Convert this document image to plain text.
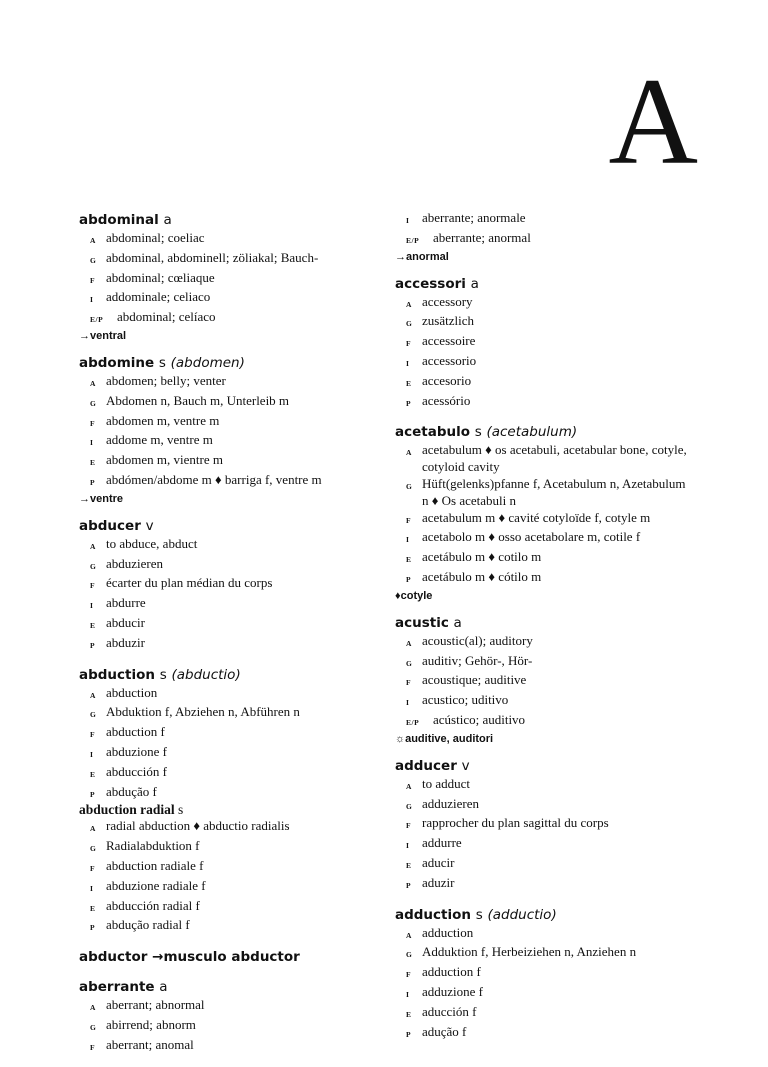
A
abdominal a
A abdominal; coeliac
G abdominal, abdominell; zöliakal; Bauch-
F abdominal; cœliaque
I addominale; celiaco
E/P	abdominal; celíaco
→ventral
abdomine s (abdomen)
A abdomen; belly; venter
G Abdomen n, Bauch m, Unterleib m
F abdomen m, ventre m
I addome m, ventre m
E abdomen m, vientre m
P abdómen/abdome m ♦ barriga f, ventre m
→ventre
abducer v
A to abduce, abduct
G abduzieren
F écarter du plan médian du corps
I abdurre
E abducir
P abduzir
abduction s (abductio)
A abduction
G Abduktion f, Abziehen n, Abführen n
F abduction f
I abduzione f
E abducción f
P abdução f
abduction radial s
A radial abduction ♦ abductio radialis
G Radialabduktion f
F abduction radiale f
I abduzione radiale f
E abducción radial f
P abdução radial f
abductor →musculo abductor
aberrante a
A aberrant; abnormal
G abirrend; abnorm
F aberrant; anomal
I aberrante; anormale
E/P	aberrante; anormal
→anormal
accessori a
A accessory
G zusätzlich
F accessoire
I accessorio
E accesorio
P acessório
acetabulo s (acetabulum)
A acetabulum ♦ os acetabuli, acetabular bone, cotyle, cotyloid cavity
G Hüft(gelenks)pfanne f, Acetabulum n, Azetabulum n ♦ Os acetabuli n
F acetabulum m ♦ cavité cotyloïde f, cotyle m
I acetabolo m ♦ osso acetabolare m, cotile f
E acetábulo m ♦ cotilo m
P acetábulo m ♦ cótilo m
♦cotyle
acustic a
A acoustic(al); auditory
G auditiv; Gehör-, Hör-
F acoustique; auditive
I acustico; uditivo
E/P	acústico; auditivo
☼auditive, auditori
adducer v
A to adduct
G adduzieren
F rapprocher du plan sagittal du corps
I addurre
E aducir
P aduzir
adduction s (adductio)
A adduction
G Adduktion f, Herbeiziehen n, Anziehen n
F adduction f
I adduzione f
E aducción f
P adução f
